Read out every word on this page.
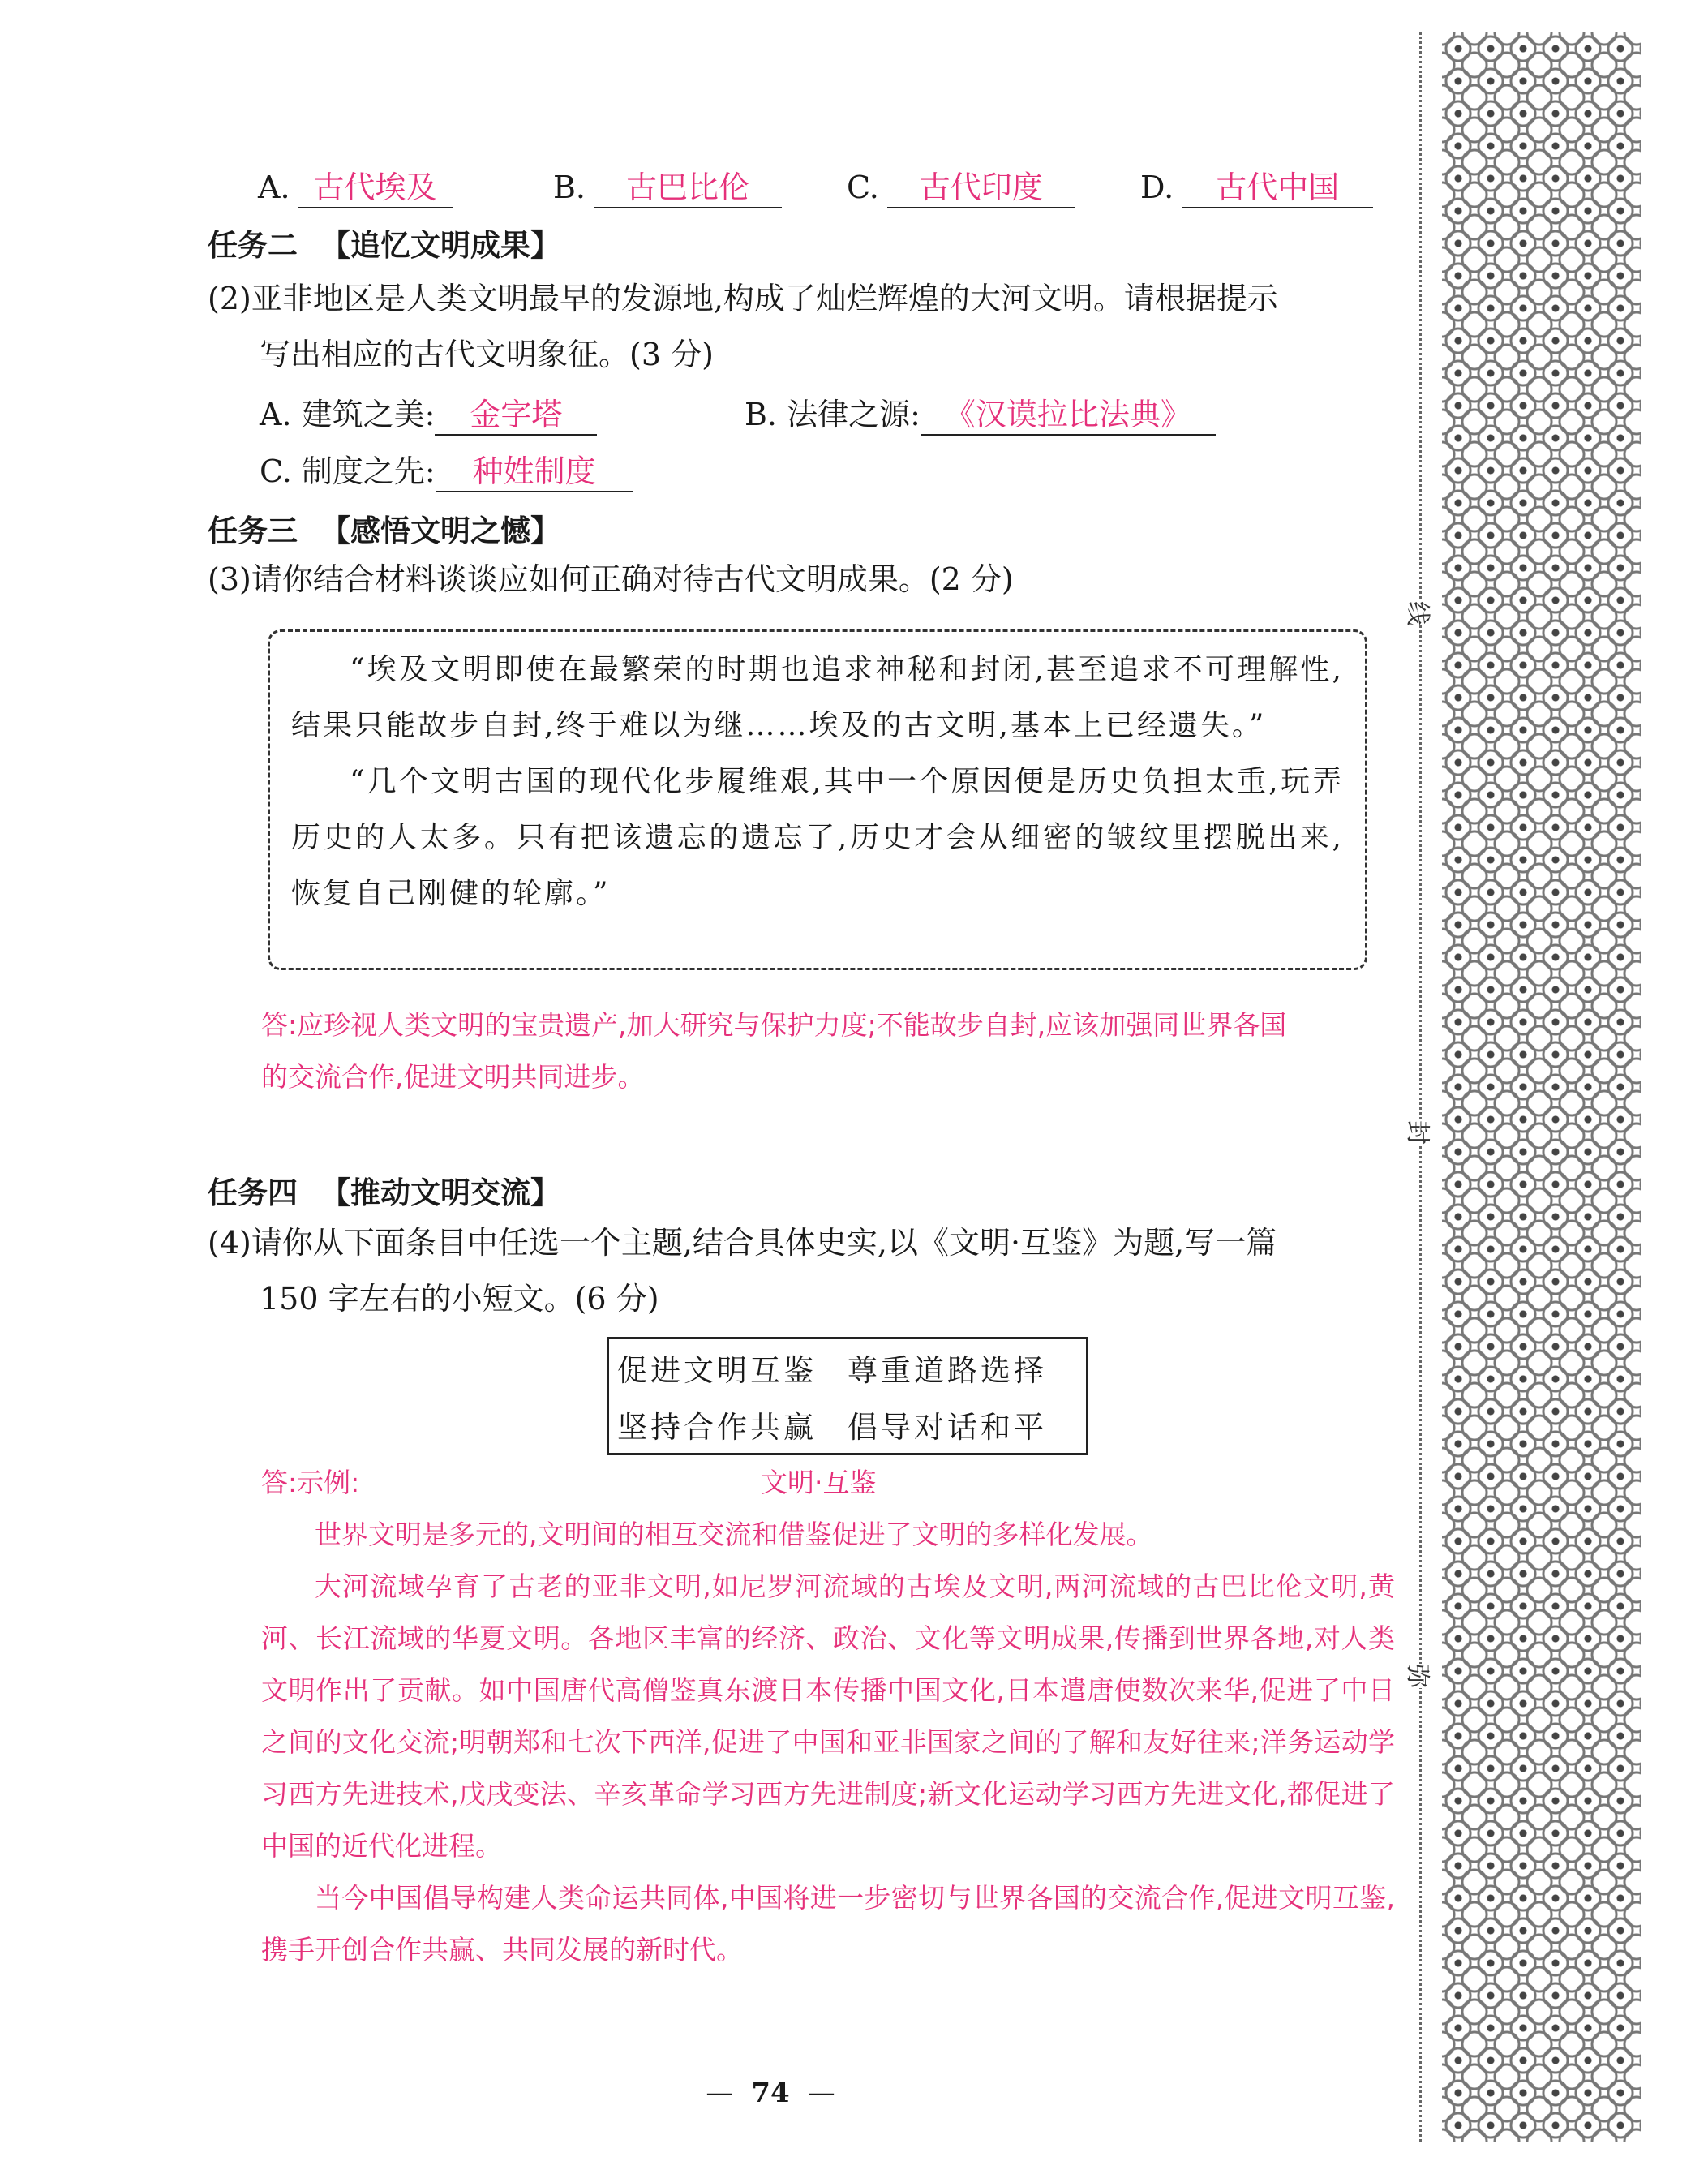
A. 古代埃及	B. 古巴比伦	C. 古代印度	D. 古代中国
任务二 【追忆文明成果】
(2)亚非地区是人类文明最早的发源地,构成了灿烂辉煌的大河文明。请根据提示
写出相应的古代文明象征。(3 分)
A. 建筑之美: 金字塔	B. 法律之源: 《汉谟拉比法典》
C. 制度之先: 种姓制度
任务三 【感悟文明之憾】
(3)请你结合材料谈谈应如何正确对待古代文明成果。(2 分)

“埃及文明即使在最繁荣的时期也追求神秘和封闭,甚至追求不可理解性,结果只能故步自封,终于难以为继……埃及的古文明,基本上已经遗失。”

“几个文明古国的现代化步履维艰,其中一个原因便是历史负担太重,玩弄历史的人太多。只有把该遗忘的遗忘了,历史才会从细密的皱纹里摆脱出来,恢复自己刚健的轮廓。”

答:应珍视人类文明的宝贵遗产,加大研究与保护力度;不能故步自封,应该加强同世界各国
的交流合作,促进文明共同进步。
任务四 【推动文明交流】
(4)请你从下面条目中任选一个主题,结合具体史实,以《文明·互鉴》为题,写一篇
150 字左右的小短文。(6 分)
促进文明互鉴	尊重道路选择
坚持合作共赢	倡导对话和平
答:示例:	文明·互鉴

世界文明是多元的,文明间的相互交流和借鉴促进了文明的多样化发展。

大河流域孕育了古老的亚非文明,如尼罗河流域的古埃及文明,两河流域的古巴比伦文明,黄河、长江流域的华夏文明。各地区丰富的经济、政治、文化等文明成果,传播到世界各地,对人类文明作出了贡献。如中国唐代高僧鉴真东渡日本传播中国文化,日本遣唐使数次来华,促进了中日之间的文化交流;明朝郑和七次下西洋,促进了中国和亚非国家之间的了解和友好往来;洋务运动学习西方先进技术,戊戌变法、辛亥革命学习西方先进制度;新文化运动学习西方先进文化,都促进了中国的近代化进程。

当今中国倡导构建人类命运共同体,中国将进一步密切与世界各国的交流合作,促进文明互鉴,携手开创合作共赢、共同发展的新时代。

— 74 —
线
封
弥
